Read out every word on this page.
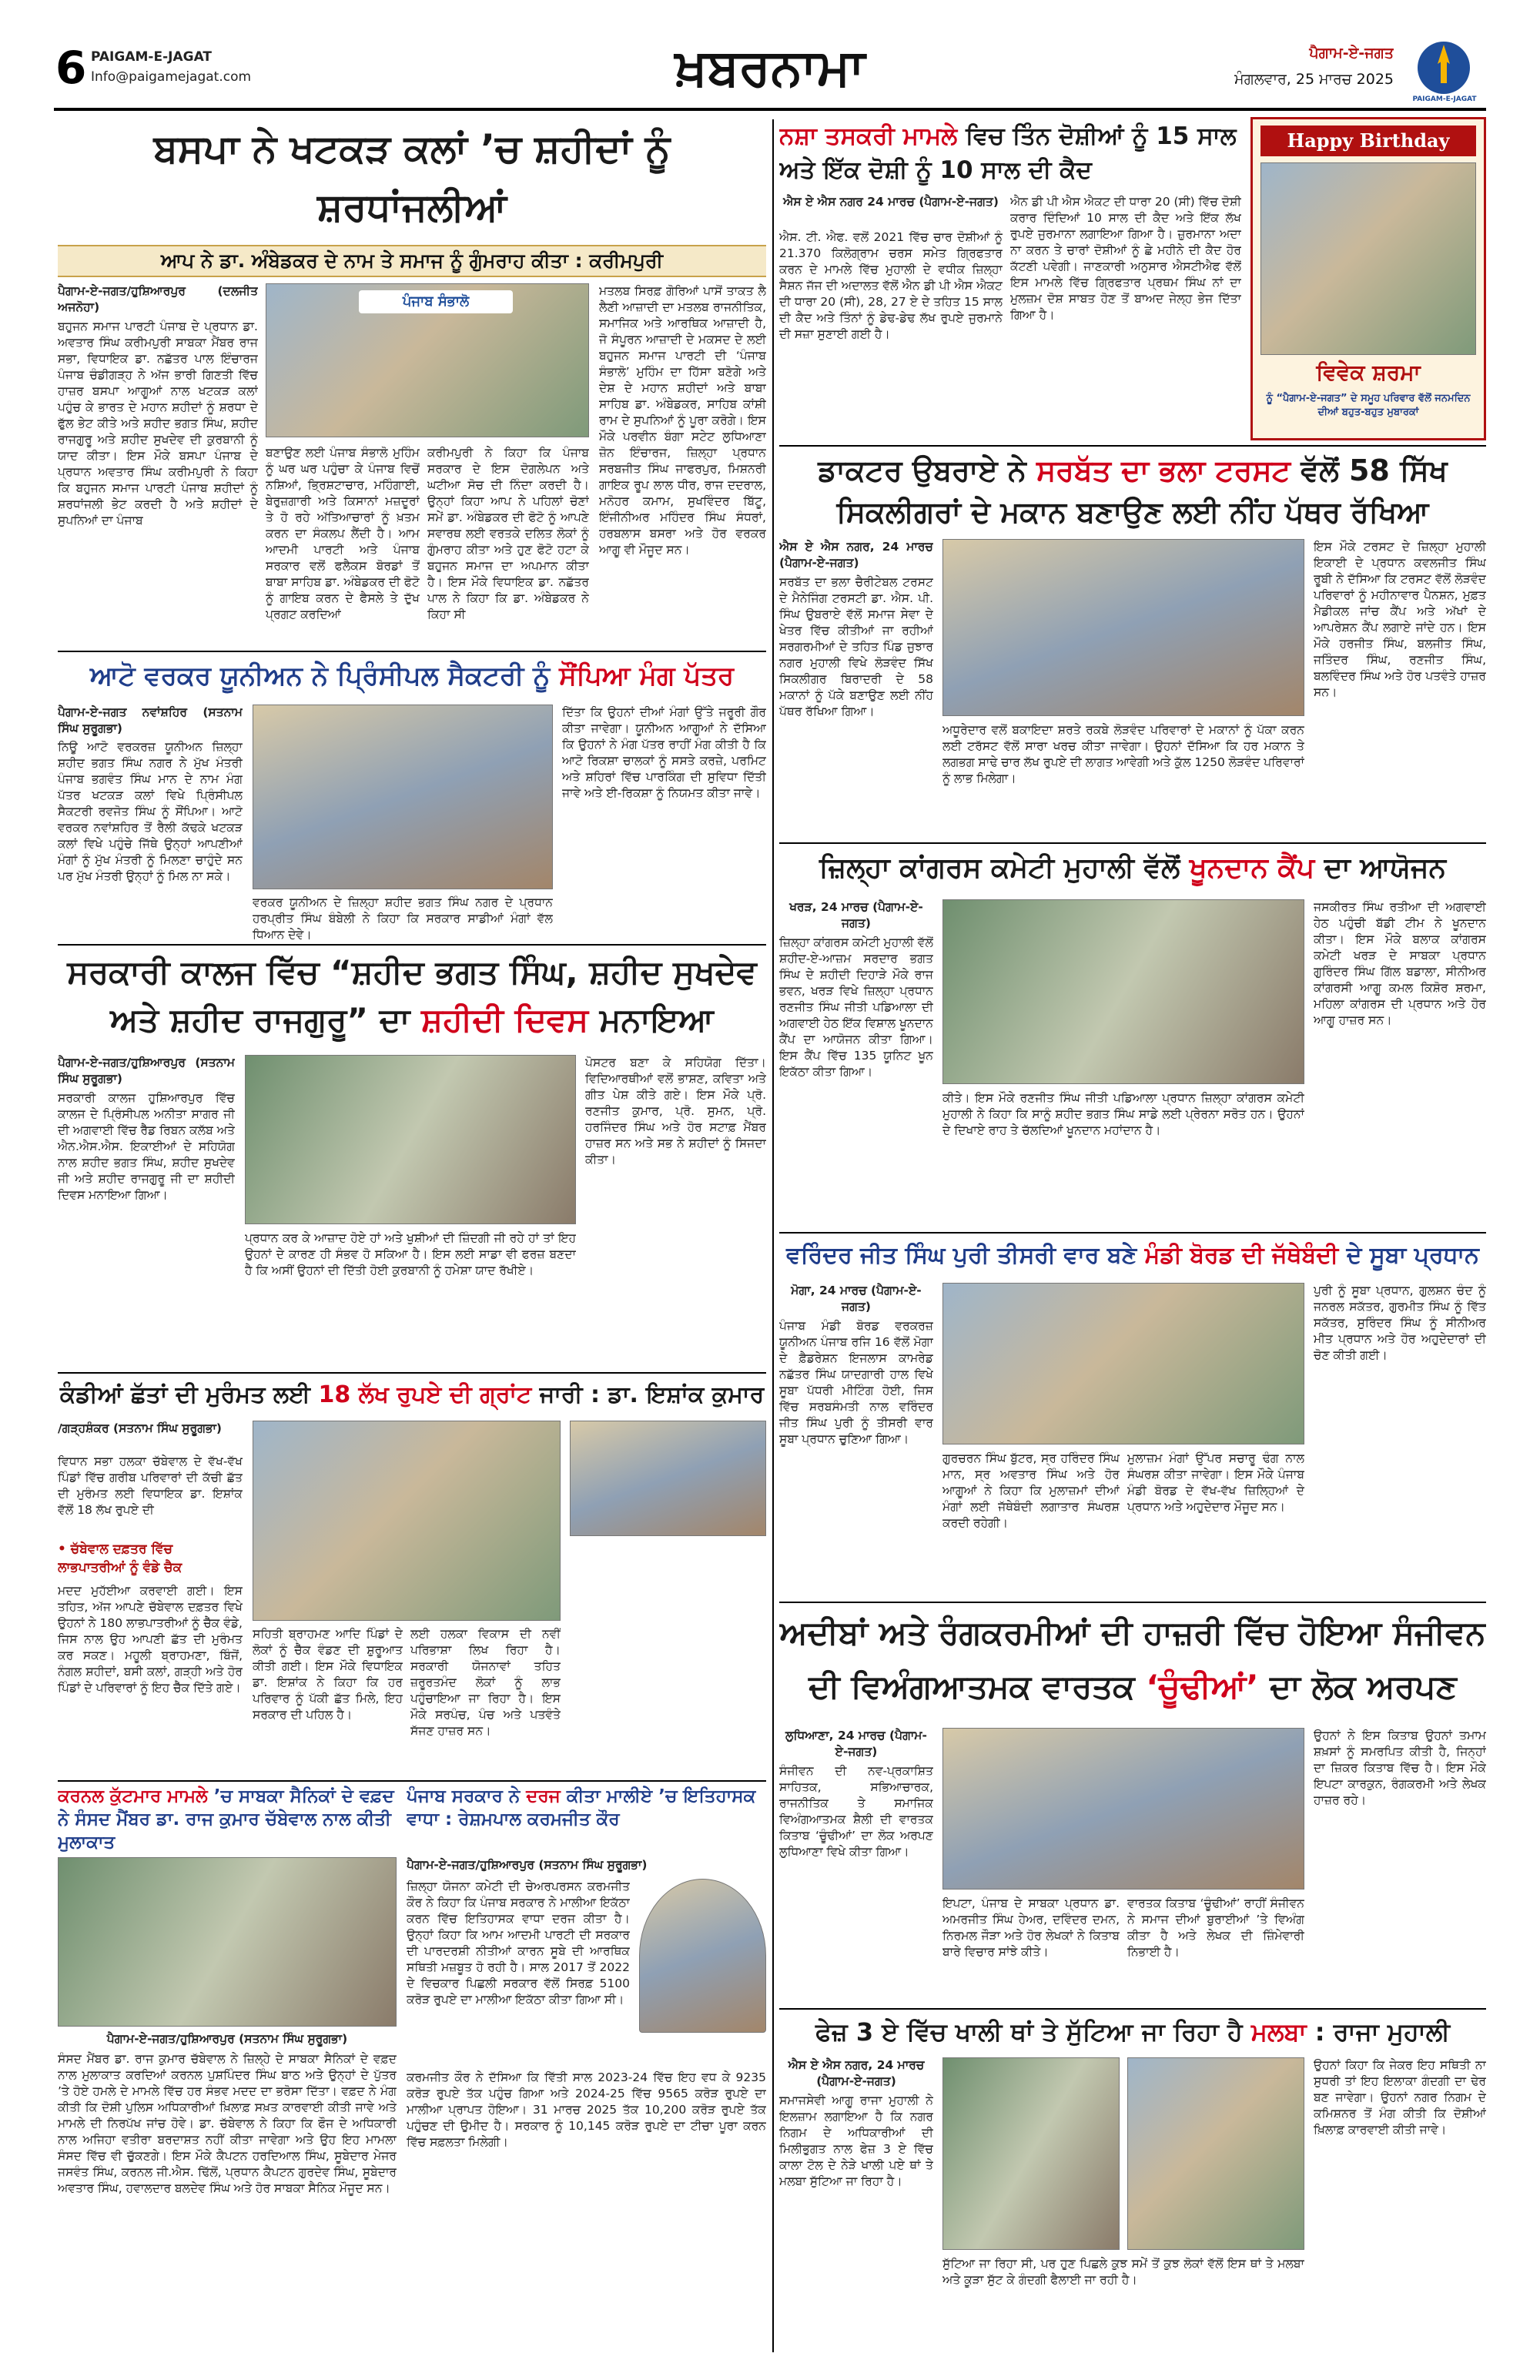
6 PAIGAM-E-JAGAT
Info@paigamejagat.com	ਖ਼ਬਰਨਾਮਾ	ਪੈਗਾਮ-ਏ-ਜਗਤ
ਮੰਗਲਵਾਰ, 25 ਮਾਰਚ 2025
PAIGAM-E-JAGAT
ਬਸਪਾ ਨੇ ਖਟਕੜ ਕਲਾਂ ’ਚ ਸ਼ਹੀਦਾਂ ਨੂੰ ਸ਼ਰਧਾਂਜਲੀਆਂ

ਆਪ ਨੇ ਡਾ. ਅੰਬੇਡਕਰ ਦੇ ਨਾਮ ਤੇ ਸਮਾਜ ਨੂੰ ਗੁੰਮਰਾਹ ਕੀਤਾ : ਕਰੀਮਪੁਰੀ
ਪੈਗਾਮ-ਏ-ਜਗਤ/ਹੁਸ਼ਿਆਰਪੁਰ (ਦਲਜੀਤ ਅਜਨੋਹਾ)
ਬਹੁਜਨ ਸਮਾਜ ਪਾਰਟੀ ਪੰਜਾਬ ਦੇ ਪ੍ਰਧਾਨ ਡਾ. ਅਵਤਾਰ ਸਿੰਘ ਕਰੀਮਪੁਰੀ ਸਾਬਕਾ ਮੈਂਬਰ ਰਾਜ ਸਭਾ, ਵਿਧਾਇਕ ਡਾ. ਨਛੱਤਰ ਪਾਲ ਇੰਚਾਰਜ ਪੰਜਾਬ ਚੰਡੀਗੜ੍ਹ ਨੇ ਅੱਜ ਭਾਰੀ ਗਿਣਤੀ ਵਿੱਚ ਹਾਜ਼ਰ ਬਸਪਾ ਆਗੂਆਂ ਨਾਲ ਖਟਕੜ ਕਲਾਂ ਪਹੁੰਚ ਕੇ ਭਾਰਤ ਦੇ ਮਹਾਨ ਸ਼ਹੀਦਾਂ ਨੂੰ ਸ਼ਰਧਾ ਦੇ ਫੁੱਲ ਭੇਟ ਕੀਤੇ ਅਤੇ ਸ਼ਹੀਦ ਭਗਤ ਸਿੰਘ, ਸ਼ਹੀਦ ਰਾਜਗੁਰੂ ਅਤੇ ਸ਼ਹੀਦ ਸੁਖਦੇਵ ਦੀ ਕੁਰਬਾਨੀ ਨੂੰ ਯਾਦ ਕੀਤਾ। ਇਸ ਮੌਕੇ ਬਸਪਾ ਪੰਜਾਬ ਦੇ ਪ੍ਰਧਾਨ ਅਵਤਾਰ ਸਿੰਘ ਕਰੀਮਪੁਰੀ ਨੇ ਕਿਹਾ ਕਿ ਬਹੁਜਨ ਸਮਾਜ ਪਾਰਟੀ ਪੰਜਾਬ ਸ਼ਹੀਦਾਂ ਨੂੰ ਸ਼ਰਧਾਂਜਲੀ ਭੇਟ ਕਰਦੀ ਹੈ ਅਤੇ ਸ਼ਹੀਦਾਂ ਦੇ ਸੁਪਨਿਆਂ ਦਾ ਪੰਜਾਬ
ਪੰਜਾਬ ਸੰਭਾਲੋ
ਬਣਾਉਣ ਲਈ ਪੰਜਾਬ ਸੰਭਾਲੋ ਮੁਹਿੰਮ ਨੂੰ ਘਰ ਘਰ ਪਹੁੰਚਾ ਕੇ ਪੰਜਾਬ ਵਿਚੋਂ ਨਸ਼ਿਆਂ, ਭ੍ਰਿਸ਼ਟਾਚਾਰ, ਮਹਿੰਗਾਈ, ਬੇਰੁਜ਼ਗਾਰੀ ਅਤੇ ਕਿਸਾਨਾਂ ਮਜ਼ਦੂਰਾਂ ਤੇ ਹੋ ਰਹੇ ਅੱਤਿਆਚਾਰਾਂ ਨੂੰ ਖ਼ਤਮ ਕਰਨ ਦਾ ਸੰਕਲਪ ਲੈਂਦੀ ਹੈ। ਆਮ ਆਦਮੀ ਪਾਰਟੀ ਅਤੇ ਪੰਜਾਬ ਸਰਕਾਰ ਵਲੋਂ ਫਲੈਕਸ ਬੋਰਡਾਂ ਤੋਂ ਬਾਬਾ ਸਾਹਿਬ ਡਾ. ਅੰਬੇਡਕਰ ਦੀ ਫੋਟੋ ਨੂੰ ਗਾਇਬ ਕਰਨ ਦੇ ਫੈਸਲੇ ਤੇ ਦੁੱਖ ਪ੍ਰਗਟ ਕਰਦਿਆਂ
ਕਰੀਮਪੁਰੀ ਨੇ ਕਿਹਾ ਕਿ ਪੰਜਾਬ ਸਰਕਾਰ ਦੇ ਇਸ ਦੋਗਲੇਪਨ ਅਤੇ ਘਟੀਆ ਸੋਚ ਦੀ ਨਿੰਦਾ ਕਰਦੀ ਹੈ। ਉਨ੍ਹਾਂ ਕਿਹਾ ਆਪ ਨੇ ਪਹਿਲਾਂ ਚੋਣਾਂ ਸਮੇਂ ਡਾ. ਅੰਬੇਡਕਰ ਦੀ ਫੋਟੋ ਨੂੰ ਆਪਣੇ ਸਵਾਰਥ ਲਈ ਵਰਤਕੇ ਦਲਿਤ ਲੋਕਾਂ ਨੂੰ ਗੁੰਮਰਾਹ ਕੀਤਾ ਅਤੇ ਹੁਣ ਫੋਟੋ ਹਟਾ ਕੇ ਬਹੁਜਨ ਸਮਾਜ ਦਾ ਅਪਮਾਨ ਕੀਤਾ ਹੈ। ਇਸ ਮੌਕੇ ਵਿਧਾਇਕ ਡਾ. ਨਛੱਤਰ ਪਾਲ ਨੇ ਕਿਹਾ ਕਿ ਡਾ. ਅੰਬੇਡਕਰ ਨੇ ਕਿਹਾ ਸੀ
ਮਤਲਬ ਸਿਰਫ਼ ਗੋਰਿਆਂ ਪਾਸੋਂ ਤਾਕਤ ਲੈ ਲੈਣੀ ਆਜ਼ਾਦੀ ਦਾ ਮਤਲਬ ਰਾਜਨੀਤਿਕ, ਸਮਾਜਿਕ ਅਤੇ ਆਰਥਿਕ ਆਜ਼ਾਦੀ ਹੈ, ਜੋ ਸੰਪੂਰਨ ਆਜ਼ਾਦੀ ਦੇ ਮਕਸਦ ਦੇ ਲਈ ਬਹੁਜਨ ਸਮਾਜ ਪਾਰਟੀ ਦੀ ‘ਪੰਜਾਬ ਸੰਭਾਲੋ’ ਮੁਹਿੰਮ ਦਾ ਹਿੱਸਾ ਬਣੋਗੇ ਅਤੇ ਦੇਸ਼ ਦੇ ਮਹਾਨ ਸ਼ਹੀਦਾਂ ਅਤੇ ਬਾਬਾ ਸਾਹਿਬ ਡਾ. ਅੰਬੇਡਕਰ, ਸਾਹਿਬ ਕਾਂਸ਼ੀ ਰਾਮ ਦੇ ਸੁਪਨਿਆਂ ਨੂੰ ਪੂਰਾ ਕਰੋਗੇ। ਇਸ ਮੌਕੇ ਪਰਵੀਨ ਬੰਗਾ ਸਟੇਟ ਲੁਧਿਆਣਾ ਜ਼ੋਨ ਇੰਚਾਰਜ, ਜ਼ਿਲ੍ਹਾ ਪ੍ਰਧਾਨ ਸਰਬਜੀਤ ਸਿੰਘ ਜਾਫਰਪੁਰ, ਮਿਸ਼ਨਰੀ ਗਾਇਕ ਰੂਪ ਲਾਲ ਧੀਰ, ਰਾਜ ਦਦਰਾਲ, ਮਨੋਹਰ ਕਮਾਮ, ਸੁਖਵਿੰਦਰ ਬਿੱਟੂ, ਇੰਜੀਨੀਅਰ ਮਹਿੰਦਰ ਸਿੰਘ ਸੰਧਰਾਂ, ਹਰਬਲਾਸ ਬਸਰਾ ਅਤੇ ਹੋਰ ਵਰਕਰ ਆਗੂ ਵੀ ਮੌਜੂਦ ਸਨ।
ਆਟੋ ਵਰਕਰ ਯੂਨੀਅਨ ਨੇ ਪ੍ਰਿੰਸੀਪਲ ਸੈਕਟਰੀ ਨੂੰ ਸੌਂਪਿਆ ਮੰਗ ਪੱਤਰ
ਪੈਗਾਮ-ਏ-ਜਗਤ ਨਵਾਂਸ਼ਹਿਰ (ਸਤਨਾਮ ਸਿੰਘ ਸੁਰੂਗਭਾ)
ਨਿਊ ਆਟੋ ਵਰਕਰਜ਼ ਯੂਨੀਅਨ ਜ਼ਿਲ੍ਹਾ ਸ਼ਹੀਦ ਭਗਤ ਸਿੰਘ ਨਗਰ ਨੇ ਮੁੱਖ ਮੰਤਰੀ ਪੰਜਾਬ ਭਗਵੰਤ ਸਿੰਘ ਮਾਨ ਦੇ ਨਾਮ ਮੰਗ ਪੱਤਰ ਖਟਕੜ ਕਲਾਂ ਵਿਖੇ ਪ੍ਰਿੰਸੀਪਲ ਸੈਕਟਰੀ ਰਵਜੋਤ ਸਿੰਘ ਨੂੰ ਸੌਂਪਿਆ। ਆਟੋ ਵਰਕਰ ਨਵਾਂਸ਼ਹਿਰ ਤੋਂ ਰੈਲੀ ਕੱਢਕੇ ਖਟਕੜ ਕਲਾਂ ਵਿਖੇ ਪਹੁੰਚੇ ਜਿੱਥੇ ਉਨ੍ਹਾਂ ਆਪਣੀਆਂ ਮੰਗਾਂ ਨੂੰ ਮੁੱਖ ਮੰਤਰੀ ਨੂੰ ਮਿਲਣਾ ਚਾਹੁੰਦੇ ਸਨ ਪਰ ਮੁੱਖ ਮੰਤਰੀ ਉਨ੍ਹਾਂ ਨੂੰ ਮਿਲ ਨਾ ਸਕੇ।
ਵਰਕਰ ਯੂਨੀਅਨ ਦੇ ਜ਼ਿਲ੍ਹਾ ਸ਼ਹੀਦ ਭਗਤ ਸਿੰਘ ਨਗਰ ਦੇ ਪ੍ਰਧਾਨ ਹਰਪ੍ਰੀਤ ਸਿੰਘ ਬੰਬੇਲੀ ਨੇ ਕਿਹਾ ਕਿ ਸਰਕਾਰ ਸਾਡੀਆਂ ਮੰਗਾਂ ਵੱਲ ਧਿਆਨ ਦੇਵੇ।
ਦਿੱਤਾ ਕਿ ਉਹਨਾਂ ਦੀਆਂ ਮੰਗਾਂ ਉੱਤੇ ਜਰੂਰੀ ਗੌਰ ਕੀਤਾ ਜਾਵੇਗਾ। ਯੂਨੀਅਨ ਆਗੂਆਂ ਨੇ ਦੱਸਿਆ ਕਿ ਉਹਨਾਂ ਨੇ ਮੰਗ ਪੱਤਰ ਰਾਹੀਂ ਮੰਗ ਕੀਤੀ ਹੈ ਕਿ ਆਟੋ ਰਿਕਸ਼ਾ ਚਾਲਕਾਂ ਨੂੰ ਸਸਤੇ ਕਰਜ਼ੇ, ਪਰਮਿਟ ਅਤੇ ਸ਼ਹਿਰਾਂ ਵਿੱਚ ਪਾਰਕਿੰਗ ਦੀ ਸੁਵਿਧਾ ਦਿੱਤੀ ਜਾਵੇ ਅਤੇ ਈ-ਰਿਕਸ਼ਾ ਨੂੰ ਨਿਯਮਤ ਕੀਤਾ ਜਾਵੇ।
ਸਰਕਾਰੀ ਕਾਲਜ ਵਿੱਚ “ਸ਼ਹੀਦ ਭਗਤ ਸਿੰਘ, ਸ਼ਹੀਦ ਸੁਖਦੇਵ ਅਤੇ ਸ਼ਹੀਦ ਰਾਜਗੁਰੂ” ਦਾ ਸ਼ਹੀਦੀ ਦਿਵਸ ਮਨਾਇਆ
ਪੈਗਾਮ-ਏ-ਜਗਤ/ਹੁਸ਼ਿਆਰਪੁਰ (ਸਤਨਾਮ ਸਿੰਘ ਸੁਰੂਗਭਾ)
ਸਰਕਾਰੀ ਕਾਲਜ ਹੁਸ਼ਿਆਰਪੁਰ ਵਿੱਚ ਕਾਲਜ ਦੇ ਪ੍ਰਿੰਸੀਪਲ ਅਨੀਤਾ ਸਾਗਰ ਜੀ ਦੀ ਅਗਵਾਈ ਵਿੱਚ ਰੈੱਡ ਰਿਬਨ ਕਲੱਬ ਅਤੇ ਐਨ.ਐਸ.ਐਸ. ਇਕਾਈਆਂ ਦੇ ਸਹਿਯੋਗ ਨਾਲ ਸ਼ਹੀਦ ਭਗਤ ਸਿੰਘ, ਸ਼ਹੀਦ ਸੁਖਦੇਵ ਜੀ ਅਤੇ ਸ਼ਹੀਦ ਰਾਜਗੁਰੂ ਜੀ ਦਾ ਸ਼ਹੀਦੀ ਦਿਵਸ ਮਨਾਇਆ ਗਿਆ।
ਪ੍ਰਧਾਨ ਕਰ ਕੇ ਆਜ਼ਾਦ ਹੋਏ ਹਾਂ ਅਤੇ ਖੁਸ਼ੀਆਂ ਦੀ ਜ਼ਿੰਦਗੀ ਜੀ ਰਹੇ ਹਾਂ ਤਾਂ ਇਹ ਉਹਨਾਂ ਦੇ ਕਾਰਣ ਹੀ ਸੰਭਵ ਹੋ ਸਕਿਆ ਹੈ। ਇਸ ਲਈ ਸਾਡਾ ਵੀ ਫਰਜ਼ ਬਣਦਾ ਹੈ ਕਿ ਅਸੀਂ ਉਹਨਾਂ ਦੀ ਦਿੱਤੀ ਹੋਈ ਕੁਰਬਾਨੀ ਨੂੰ ਹਮੇਸ਼ਾ ਯਾਦ ਰੱਖੀਏ।
ਪੋਸਟਰ ਬਣਾ ਕੇ ਸਹਿਯੋਗ ਦਿੱਤਾ। ਵਿਦਿਆਰਥੀਆਂ ਵਲੋਂ ਭਾਸ਼ਣ, ਕਵਿਤਾ ਅਤੇ ਗੀਤ ਪੇਸ਼ ਕੀਤੇ ਗਏ। ਇਸ ਮੌਕੇ ਪ੍ਰੋ. ਰਣਜੀਤ ਕੁਮਾਰ, ਪ੍ਰੋ. ਸੁਮਨ, ਪ੍ਰੋ. ਹਰਜਿੰਦਰ ਸਿੰਘ ਅਤੇ ਹੋਰ ਸਟਾਫ਼ ਮੈਂਬਰ ਹਾਜ਼ਰ ਸਨ ਅਤੇ ਸਭ ਨੇ ਸ਼ਹੀਦਾਂ ਨੂੰ ਸਿਜਦਾ ਕੀਤਾ।
ਕੰਡੀਆਂ ਛੱਤਾਂ ਦੀ ਮੁਰੰਮਤ ਲਈ 18 ਲੱਖ ਰੁਪਏ ਦੀ ਗ੍ਰਾਂਟ ਜਾਰੀ : ਡਾ. ਇਸ਼ਾਂਕ ਕੁਮਾਰ
/ਗੜ੍ਹਸ਼ੰਕਰ (ਸਤਨਾਮ ਸਿੰਘ ਸੁਰੂਗਭਾ)
ਵਿਧਾਨ ਸਭਾ ਹਲਕਾ ਚੱਬੇਵਾਲ ਦੇ ਵੱਖ-ਵੱਖ ਪਿੰਡਾਂ ਵਿੱਚ ਗਰੀਬ ਪਰਿਵਾਰਾਂ ਦੀ ਕੱਚੀ ਛੱਤ ਦੀ ਮੁਰੰਮਤ ਲਈ ਵਿਧਾਇਕ ਡਾ. ਇਸ਼ਾਂਕ ਵੱਲੋਂ 18 ਲੱਖ ਰੁਪਏ ਦੀ
• ਚੱਬੇਵਾਲ ਦਫ਼ਤਰ ਵਿੱਚ ਲਾਭਪਾਤਰੀਆਂ ਨੂੰ ਵੰਡੇ ਚੈਕ
ਮਦਦ ਮੁਹੱਈਆ ਕਰਵਾਈ ਗਈ। ਇਸ ਤਹਿਤ, ਅੱਜ ਆਪਣੇ ਚੱਬੇਵਾਲ ਦਫ਼ਤਰ ਵਿਖੇ ਉਹਨਾਂ ਨੇ 180 ਲਾਭਪਾਤਰੀਆਂ ਨੂੰ ਚੈੱਕ ਵੰਡੇ, ਜਿਸ ਨਾਲ ਉਹ ਆਪਣੀ ਛੱਤ ਦੀ ਮੁਰੰਮਤ ਕਰ ਸਕਣ। ਮਹੂਲੀ ਬ੍ਰਾਹਮਣਾ, ਬਿੰਜੋਂ, ਨੰਗਲ ਸ਼ਹੀਦਾਂ, ਬਸੀ ਕਲਾਂ, ਗੜ੍ਹੀ ਅਤੇ ਹੋਰ ਪਿੰਡਾਂ ਦੇ ਪਰਿਵਾਰਾਂ ਨੂੰ ਇਹ ਚੈੱਕ ਦਿੱਤੇ ਗਏ।
ਸਹਿਤੀ ਬ੍ਰਾਹਮਣ ਆਦਿ ਪਿੰਡਾਂ ਦੇ ਲੋਕਾਂ ਨੂੰ ਚੈੱਕ ਵੰਡਣ ਦੀ ਸ਼ੁਰੂਆਤ ਕੀਤੀ ਗਈ। ਇਸ ਮੌਕੇ ਵਿਧਾਇਕ ਡਾ. ਇਸ਼ਾਂਕ ਨੇ ਕਿਹਾ ਕਿ ਹਰ ਪਰਿਵਾਰ ਨੂੰ ਪੱਕੀ ਛੱਤ ਮਿਲੇ, ਇਹ ਸਰਕਾਰ ਦੀ ਪਹਿਲ ਹੈ।
ਲਈ ਹਲਕਾ ਵਿਕਾਸ ਦੀ ਨਵੀਂ ਪਰਿਭਾਸ਼ਾ ਲਿਖ ਰਿਹਾ ਹੈ। ਸਰਕਾਰੀ ਯੋਜਨਾਵਾਂ ਤਹਿਤ ਜ਼ਰੂਰਤਮੰਦ ਲੋਕਾਂ ਨੂੰ ਲਾਭ ਪਹੁੰਚਾਇਆ ਜਾ ਰਿਹਾ ਹੈ। ਇਸ ਮੌਕੇ ਸਰਪੰਚ, ਪੰਚ ਅਤੇ ਪਤਵੰਤੇ ਸੱਜਣ ਹਾਜ਼ਰ ਸਨ।
ਕਰਨਲ ਕੁੱਟਮਾਰ ਮਾਮਲੇ ’ਚ ਸਾਬਕਾ ਸੈਨਿਕਾਂ ਦੇ ਵਫ਼ਦ ਨੇ ਸੰਸਦ ਮੈਂਬਰ ਡਾ. ਰਾਜ ਕੁਮਾਰ ਚੱਬੇਵਾਲ ਨਾਲ ਕੀਤੀ ਮੁਲਾਕਾਤ
ਪੈਗਾਮ-ਏ-ਜਗਤ/ਹੁਸ਼ਿਆਰਪੁਰ (ਸਤਨਾਮ ਸਿੰਘ ਸੁਰੂਗਭਾ)
ਸੰਸਦ ਮੈਂਬਰ ਡਾ. ਰਾਜ ਕੁਮਾਰ ਚੱਬੇਵਾਲ ਨੇ ਜ਼ਿਲ੍ਹੇ ਦੇ ਸਾਬਕਾ ਸੈਨਿਕਾਂ ਦੇ ਵਫ਼ਦ ਨਾਲ ਮੁਲਾਕਾਤ ਕਰਦਿਆਂ ਕਰਨਲ ਪੁਸ਼ਪਿੰਦਰ ਸਿੰਘ ਬਾਠ ਅਤੇ ਉਨ੍ਹਾਂ ਦੇ ਪੁੱਤਰ ’ਤੇ ਹੋਏ ਹਮਲੇ ਦੇ ਮਾਮਲੇ ਵਿੱਚ ਹਰ ਸੰਭਵ ਮਦਦ ਦਾ ਭਰੋਸਾ ਦਿੱਤਾ। ਵਫ਼ਦ ਨੇ ਮੰਗ ਕੀਤੀ ਕਿ ਦੋਸ਼ੀ ਪੁਲਿਸ ਅਧਿਕਾਰੀਆਂ ਖ਼ਿਲਾਫ਼ ਸਖ਼ਤ ਕਾਰਵਾਈ ਕੀਤੀ ਜਾਵੇ ਅਤੇ ਮਾਮਲੇ ਦੀ ਨਿਰਪੱਖ ਜਾਂਚ ਹੋਵੇ। ਡਾ. ਚੱਬੇਵਾਲ ਨੇ ਕਿਹਾ ਕਿ ਫੌਜ ਦੇ ਅਧਿਕਾਰੀ ਨਾਲ ਅਜਿਹਾ ਵਤੀਰਾ ਬਰਦਾਸ਼ਤ ਨਹੀਂ ਕੀਤਾ ਜਾਵੇਗਾ ਅਤੇ ਉਹ ਇਹ ਮਾਮਲਾ ਸੰਸਦ ਵਿੱਚ ਵੀ ਚੁੱਕਣਗੇ। ਇਸ ਮੌਕੇ ਕੈਪਟਨ ਹਰਦਿਆਲ ਸਿੰਘ, ਸੂਬੇਦਾਰ ਮੇਜਰ ਜਸਵੰਤ ਸਿੰਘ, ਕਰਨਲ ਜੀ.ਐਸ. ਢਿੱਲੋਂ, ਪ੍ਰਧਾਨ ਕੈਪਟਨ ਗੁਰਦੇਵ ਸਿੰਘ, ਸੂਬੇਦਾਰ ਅਵਤਾਰ ਸਿੰਘ, ਹਵਾਲਦਾਰ ਬਲਦੇਵ ਸਿੰਘ ਅਤੇ ਹੋਰ ਸਾਬਕਾ ਸੈਨਿਕ ਮੌਜੂਦ ਸਨ।
ਪੰਜਾਬ ਸਰਕਾਰ ਨੇ ਦਰਜ ਕੀਤਾ ਮਾਲੀਏ ’ਚ ਇਤਿਹਾਸਕ ਵਾਧਾ : ਰੇਸ਼ਮਪਾਲ ਕਰਮਜੀਤ ਕੌਰ
ਪੈਗਾਮ-ਏ-ਜਗਤ/ਹੁਸ਼ਿਆਰਪੁਰ (ਸਤਨਾਮ ਸਿੰਘ ਸੁਰੂਗਭਾ)
ਜ਼ਿਲ੍ਹਾ ਯੋਜਨਾ ਕਮੇਟੀ ਦੀ ਚੇਅਰਪਰਸਨ ਕਰਮਜੀਤ ਕੌਰ ਨੇ ਕਿਹਾ ਕਿ ਪੰਜਾਬ ਸਰਕਾਰ ਨੇ ਮਾਲੀਆ ਇਕੱਠਾ ਕਰਨ ਵਿੱਚ ਇਤਿਹਾਸਕ ਵਾਧਾ ਦਰਜ ਕੀਤਾ ਹੈ। ਉਨ੍ਹਾਂ ਕਿਹਾ ਕਿ ਆਮ ਆਦਮੀ ਪਾਰਟੀ ਦੀ ਸਰਕਾਰ ਦੀ ਪਾਰਦਰਸ਼ੀ ਨੀਤੀਆਂ ਕਾਰਨ ਸੂਬੇ ਦੀ ਆਰਥਿਕ ਸਥਿਤੀ ਮਜ਼ਬੂਤ ਹੋ ਰਹੀ ਹੈ। ਸਾਲ 2017 ਤੋਂ 2022 ਦੇ ਵਿਚਕਾਰ ਪਿਛਲੀ ਸਰਕਾਰ ਵੱਲੋਂ ਸਿਰਫ਼ 5100 ਕਰੋੜ ਰੁਪਏ ਦਾ ਮਾਲੀਆ ਇਕੱਠਾ ਕੀਤਾ ਗਿਆ ਸੀ।
ਕਰਮਜੀਤ ਕੌਰ ਨੇ ਦੱਸਿਆ ਕਿ ਵਿੱਤੀ ਸਾਲ 2023-24 ਵਿੱਚ ਇਹ ਵਧ ਕੇ 9235 ਕਰੋੜ ਰੁਪਏ ਤੱਕ ਪਹੁੰਚ ਗਿਆ ਅਤੇ 2024-25 ਵਿੱਚ 9565 ਕਰੋੜ ਰੁਪਏ ਦਾ ਮਾਲੀਆ ਪ੍ਰਾਪਤ ਹੋਇਆ। 31 ਮਾਰਚ 2025 ਤੱਕ 10,200 ਕਰੋੜ ਰੁਪਏ ਤੱਕ ਪਹੁੰਚਣ ਦੀ ਉਮੀਦ ਹੈ। ਸਰਕਾਰ ਨੂੰ 10,145 ਕਰੋੜ ਰੁਪਏ ਦਾ ਟੀਚਾ ਪੂਰਾ ਕਰਨ ਵਿੱਚ ਸਫ਼ਲਤਾ ਮਿਲੇਗੀ।
ਨਸ਼ਾ ਤਸਕਰੀ ਮਾਮਲੇ ਵਿਚ ਤਿੰਨ ਦੋਸ਼ੀਆਂ ਨੂੰ 15 ਸਾਲ ਅਤੇ ਇੱਕ ਦੋਸ਼ੀ ਨੂੰ 10 ਸਾਲ ਦੀ ਕੈਦ
ਐਸ ਏ ਐਸ ਨਗਰ 24 ਮਾਰਚ (ਪੈਗਾਮ-ਏ-ਜਗਤ)
ਐਸ. ਟੀ. ਐਫ. ਵਲੋਂ 2021 ਵਿੱਚ ਚਾਰ ਦੋਸ਼ੀਆਂ ਨੂੰ 21.370 ਕਿਲੋਗ੍ਰਾਮ ਚਰਸ ਸਮੇਤ ਗ੍ਰਿਫਤਾਰ ਕਰਨ ਦੇ ਮਾਮਲੇ ਵਿੱਚ ਮੁਹਾਲੀ ਦੇ ਵਧੀਕ ਜ਼ਿਲ੍ਹਾ ਸੈਸ਼ਨ ਜੱਜ ਦੀ ਅਦਾਲਤ ਵੱਲੋਂ ਐਨ ਡੀ ਪੀ ਐਸ ਐਕਟ ਦੀ ਧਾਰਾ 20 (ਸੀ), 28, 27 ਏ ਦੇ ਤਹਿਤ 15 ਸਾਲ ਦੀ ਕੈਦ ਅਤੇ ਤਿੰਨਾਂ ਨੂੰ ਡੇਢ-ਡੇਢ ਲੱਖ ਰੁਪਏ ਜੁਰਮਾਨੇ ਦੀ ਸਜ਼ਾ ਸੁਣਾਈ ਗਈ ਹੈ।
ਐਨ ਡੀ ਪੀ ਐਸ ਐਕਟ ਦੀ ਧਾਰਾ 20 (ਸੀ) ਵਿੱਚ ਦੋਸ਼ੀ ਕਰਾਰ ਦਿੰਦਿਆਂ 10 ਸਾਲ ਦੀ ਕੈਦ ਅਤੇ ਇੱਕ ਲੱਖ ਰੁਪਏ ਜੁਰਮਾਨਾ ਲਗਾਇਆ ਗਿਆ ਹੈ। ਜ਼ੁਰਮਾਨਾ ਅਦਾ ਨਾ ਕਰਨ ਤੇ ਚਾਰਾਂ ਦੋਸ਼ੀਆਂ ਨੂੰ ਛੇ ਮਹੀਨੇ ਦੀ ਕੈਦ ਹੋਰ ਕੱਟਣੀ ਪਵੇਗੀ। ਜਾਣਕਾਰੀ ਅਨੁਸਾਰ ਐਸਟੀਐਫ ਵੱਲੋਂ ਇਸ ਮਾਮਲੇ ਵਿੱਚ ਗ੍ਰਿਫਤਾਰ ਪ੍ਰਥਮ ਸਿੰਘ ਨਾਂ ਦਾ ਮੁਲਜ਼ਮ ਦੋਸ਼ ਸਾਬਤ ਹੋਣ ਤੋਂ ਬਾਅਦ ਜੇਲ੍ਹ ਭੇਜ ਦਿੱਤਾ ਗਿਆ ਹੈ।
Happy Birthday
ਵਿਵੇਕ ਸ਼ਰਮਾ
ਨੂੰ “ਪੈਗਾਮ-ਏ-ਜਗਤ” ਦੇ ਸਮੂਹ ਪਰਿਵਾਰ ਵੱਲੋਂ ਜਨਮਦਿਨ ਦੀਆਂ ਬਹੁਤ-ਬਹੁਤ ਮੁਬਾਰਕਾਂ
ਡਾਕਟਰ ਉਬਰਾਏ ਨੇ ਸਰਬੱਤ ਦਾ ਭਲਾ ਟਰਸਟ ਵੱਲੋਂ 58 ਸਿੱਖ ਸਿਕਲੀਗਰਾਂ ਦੇ ਮਕਾਨ ਬਣਾਉਣ ਲਈ ਨੀਂਹ ਪੱਥਰ ਰੱਖਿਆ
ਐਸ ਏ ਐਸ ਨਗਰ, 24 ਮਾਰਚ (ਪੈਗਾਮ-ਏ-ਜਗਤ)
ਸਰਬੱਤ ਦਾ ਭਲਾ ਚੈਰੀਟੇਬਲ ਟਰਸਟ ਦੇ ਮੈਨੇਜਿੰਗ ਟਰਸਟੀ ਡਾ. ਐਸ. ਪੀ. ਸਿੰਘ ਉਬਰਾਏ ਵੱਲੋਂ ਸਮਾਜ ਸੇਵਾ ਦੇ ਖੇਤਰ ਵਿੱਚ ਕੀਤੀਆਂ ਜਾ ਰਹੀਆਂ ਸਰਗਰਮੀਆਂ ਦੇ ਤਹਿਤ ਪਿੰਡ ਜੁਝਾਰ ਨਗਰ ਮੁਹਾਲੀ ਵਿਖੇ ਲੋੜਵੰਦ ਸਿੱਖ ਸਿਕਲੀਗਰ ਬਿਰਾਦਰੀ ਦੇ 58 ਮਕਾਨਾਂ ਨੂੰ ਪੱਕੇ ਬਣਾਉਣ ਲਈ ਨੀਂਹ ਪੱਥਰ ਰੱਖਿਆ ਗਿਆ।
ਅਧੂਰੇਦਾਰ ਵਲੋਂ ਬਕਾਇਦਾ ਸ਼ਰਤੇ ਰਕਬੇ ਲੋੜਵੰਦ ਪਰਿਵਾਰਾਂ ਦੇ ਮਕਾਨਾਂ ਨੂੰ ਪੱਕਾ ਕਰਨ ਲਈ ਟਰੱਸਟ ਵੱਲੋਂ ਸਾਰਾ ਖਰਚ ਕੀਤਾ ਜਾਵੇਗਾ। ਉਹਨਾਂ ਦੱਸਿਆ ਕਿ ਹਰ ਮਕਾਨ ਤੇ ਲਗਭਗ ਸਾਢੇ ਚਾਰ ਲੱਖ ਰੁਪਏ ਦੀ ਲਾਗਤ ਆਵੇਗੀ ਅਤੇ ਕੁੱਲ 1250 ਲੋੜਵੰਦ ਪਰਿਵਾਰਾਂ ਨੂੰ ਲਾਭ ਮਿਲੇਗਾ।
ਇਸ ਮੌਕੇ ਟਰਸਟ ਦੇ ਜ਼ਿਲ੍ਹਾ ਮੁਹਾਲੀ ਇਕਾਈ ਦੇ ਪ੍ਰਧਾਨ ਕਵਲਜੀਤ ਸਿੰਘ ਰੂਬੀ ਨੇ ਦੱਸਿਆ ਕਿ ਟਰਸਟ ਵੱਲੋਂ ਲੋੜਵੰਦ ਪਰਿਵਾਰਾਂ ਨੂੰ ਮਹੀਨਾਵਾਰ ਪੈਨਸ਼ਨ, ਮੁਫ਼ਤ ਮੈਡੀਕਲ ਜਾਂਚ ਕੈਂਪ ਅਤੇ ਅੱਖਾਂ ਦੇ ਆਪਰੇਸ਼ਨ ਕੈਂਪ ਲਗਾਏ ਜਾਂਦੇ ਹਨ। ਇਸ ਮੌਕੇ ਹਰਜੀਤ ਸਿੰਘ, ਬਲਜੀਤ ਸਿੰਘ, ਜਤਿੰਦਰ ਸਿੰਘ, ਰਣਜੀਤ ਸਿੰਘ, ਬਲਵਿੰਦਰ ਸਿੰਘ ਅਤੇ ਹੋਰ ਪਤਵੰਤੇ ਹਾਜ਼ਰ ਸਨ।
ਜ਼ਿਲ੍ਹਾ ਕਾਂਗਰਸ ਕਮੇਟੀ ਮੁਹਾਲੀ ਵੱਲੋਂ ਖੂਨਦਾਨ ਕੈਂਪ ਦਾ ਆਯੋਜਨ
ਖਰੜ, 24 ਮਾਰਚ (ਪੈਗਾਮ-ਏ-ਜਗਤ)
ਜ਼ਿਲ੍ਹਾ ਕਾਂਗਰਸ ਕਮੇਟੀ ਮੁਹਾਲੀ ਵੱਲੋਂ ਸ਼ਹੀਦ-ਏ-ਆਜ਼ਮ ਸਰਦਾਰ ਭਗਤ ਸਿੰਘ ਦੇ ਸ਼ਹੀਦੀ ਦਿਹਾੜੇ ਮੌਕੇ ਰਾਜ ਭਵਨ, ਖਰੜ ਵਿਖੇ ਜ਼ਿਲ੍ਹਾ ਪ੍ਰਧਾਨ ਰਣਜੀਤ ਸਿੰਘ ਜੀਤੀ ਪਡਿਆਲਾ ਦੀ ਅਗਵਾਈ ਹੇਠ ਇੱਕ ਵਿਸ਼ਾਲ ਖੂਨਦਾਨ ਕੈਂਪ ਦਾ ਆਯੋਜਨ ਕੀਤਾ ਗਿਆ। ਇਸ ਕੈਂਪ ਵਿੱਚ 135 ਯੂਨਿਟ ਖੂਨ ਇਕੱਠਾ ਕੀਤਾ ਗਿਆ।
ਕੀਤੇ। ਇਸ ਮੌਕੇ ਰਣਜੀਤ ਸਿੰਘ ਜੀਤੀ ਪਡਿਆਲਾ ਪ੍ਰਧਾਨ ਜ਼ਿਲ੍ਹਾ ਕਾਂਗਰਸ ਕਮੇਟੀ ਮੁਹਾਲੀ ਨੇ ਕਿਹਾ ਕਿ ਸਾਨੂੰ ਸ਼ਹੀਦ ਭਗਤ ਸਿੰਘ ਸਾਡੇ ਲਈ ਪ੍ਰੇਰਨਾ ਸਰੋਤ ਹਨ। ਉਹਨਾਂ ਦੇ ਦਿਖਾਏ ਰਾਹ ਤੇ ਚੱਲਦਿਆਂ ਖੂਨਦਾਨ ਮਹਾਂਦਾਨ ਹੈ।
ਜਸਕੀਰਤ ਸਿੰਘ ਰਤੀਆ ਦੀ ਅਗਵਾਈ ਹੇਠ ਪਹੁੰਚੀ ਬੱਡੀ ਟੀਮ ਨੇ ਖੂਨਦਾਨ ਕੀਤਾ। ਇਸ ਮੌਕੇ ਬਲਾਕ ਕਾਂਗਰਸ ਕਮੇਟੀ ਖਰੜ ਦੇ ਸਾਬਕਾ ਪ੍ਰਧਾਨ ਗੁਰਿੰਦਰ ਸਿੰਘ ਗਿੱਲ ਬਡਾਲਾ, ਸੀਨੀਅਰ ਕਾਂਗਰਸੀ ਆਗੂ ਕਮਲ ਕਿਸ਼ੋਰ ਸ਼ਰਮਾ, ਮਹਿਲਾ ਕਾਂਗਰਸ ਦੀ ਪ੍ਰਧਾਨ ਅਤੇ ਹੋਰ ਆਗੂ ਹਾਜ਼ਰ ਸਨ।
ਵਰਿੰਦਰ ਜੀਤ ਸਿੰਘ ਪੁਰੀ ਤੀਸਰੀ ਵਾਰ ਬਣੇ ਮੰਡੀ ਬੋਰਡ ਦੀ ਜੱਥੇਬੰਦੀ ਦੇ ਸੂਬਾ ਪ੍ਰਧਾਨ
ਮੋਗਾ, 24 ਮਾਰਚ (ਪੈਗਾਮ-ਏ-ਜਗਤ)
ਪੰਜਾਬ ਮੰਡੀ ਬੋਰਡ ਵਰਕਰਜ਼ ਯੂਨੀਅਨ ਪੰਜਾਬ ਰਜਿ 16 ਵੱਲੋਂ ਮੋਗਾ ਦੇ ਫ਼ੈਡਰੇਸ਼ਨ ਇਜਲਾਸ ਕਾਮਰੇਡ ਨਛੱਤਰ ਸਿੰਘ ਯਾਦਗਾਰੀ ਹਾਲ ਵਿਖੇ ਸੂਬਾ ਪੱਧਰੀ ਮੀਟਿੰਗ ਹੋਈ, ਜਿਸ ਵਿੱਚ ਸਰਬਸੰਮਤੀ ਨਾਲ ਵਰਿੰਦਰ ਜੀਤ ਸਿੰਘ ਪੁਰੀ ਨੂੰ ਤੀਸਰੀ ਵਾਰ ਸੂਬਾ ਪ੍ਰਧਾਨ ਚੁਣਿਆ ਗਿਆ।
ਗੁਰਚਰਨ ਸਿੰਘ ਬੁੱਟਰ, ਸ੍ਰ ਹਰਿੰਦਰ ਸਿੰਘ ਮਾਨ, ਸ੍ਰ ਅਵਤਾਰ ਸਿੰਘ ਅਤੇ ਹੋਰ ਆਗੂਆਂ ਨੇ ਕਿਹਾ ਕਿ ਮੁਲਾਜ਼ਮਾਂ ਦੀਆਂ ਮੰਗਾਂ ਲਈ ਜੱਥੇਬੰਦੀ ਲਗਾਤਾਰ ਸੰਘਰਸ਼ ਕਰਦੀ ਰਹੇਗੀ।
ਮੁਲਾਜ਼ਮ ਮੰਗਾਂ ਉੱਪਰ ਸਚਾਰੂ ਢੰਗ ਨਾਲ ਸੰਘਰਸ਼ ਕੀਤਾ ਜਾਵੇਗਾ। ਇਸ ਮੌਕੇ ਪੰਜਾਬ ਮੰਡੀ ਬੋਰਡ ਦੇ ਵੱਖ-ਵੱਖ ਜ਼ਿਲ੍ਹਿਆਂ ਦੇ ਪ੍ਰਧਾਨ ਅਤੇ ਅਹੁਦੇਦਾਰ ਮੌਜੂਦ ਸਨ।
ਪੁਰੀ ਨੂੰ ਸੂਬਾ ਪ੍ਰਧਾਨ, ਗੁਲਸ਼ਨ ਚੰਦ ਨੂੰ ਜਨਰਲ ਸਕੱਤਰ, ਗੁਰਮੀਤ ਸਿੰਘ ਨੂੰ ਵਿੱਤ ਸਕੱਤਰ, ਸੁਰਿੰਦਰ ਸਿੰਘ ਨੂੰ ਸੀਨੀਅਰ ਮੀਤ ਪ੍ਰਧਾਨ ਅਤੇ ਹੋਰ ਅਹੁਦੇਦਾਰਾਂ ਦੀ ਚੋਣ ਕੀਤੀ ਗਈ।
ਅਦੀਬਾਂ ਅਤੇ ਰੰਗਕਰਮੀਆਂ ਦੀ ਹਾਜ਼ਰੀ ਵਿੱਚ ਹੋਇਆ ਸੰਜੀਵਨ ਦੀ ਵਿਅੰਗਆਤਮਕ ਵਾਰਤਕ ‘ਚੂੰਢੀਆਂ’ ਦਾ ਲੋਕ ਅਰਪਣ
ਲੁਧਿਆਣਾ, 24 ਮਾਰਚ (ਪੈਗਾਮ-ਏ-ਜਗਤ)
ਸੰਜੀਵਨ ਦੀ ਨਵ-ਪ੍ਰਕਾਸ਼ਿਤ ਸਾਹਿਤਕ, ਸਭਿਆਚਾਰਕ, ਰਾਜਨੀਤਿਕ ਤੇ ਸਮਾਜਿਕ ਵਿਅੰਗਆਤਮਕ ਸ਼ੈਲੀ ਦੀ ਵਾਰਤਕ ਕਿਤਾਬ ‘ਚੂੰਢੀਆਂ’ ਦਾ ਲੋਕ ਅਰਪਣ ਲੁਧਿਆਣਾ ਵਿਖੇ ਕੀਤਾ ਗਿਆ।
ਇਪਟਾ, ਪੰਜਾਬ ਦੇ ਸਾਬਕਾ ਪ੍ਰਧਾਨ ਡਾ. ਅਮਰਜੀਤ ਸਿੰਘ ਹੇਅਰ, ਦਵਿੰਦਰ ਦਮਨ, ਨਿਰਮਲ ਜੌੜਾ ਅਤੇ ਹੋਰ ਲੇਖਕਾਂ ਨੇ ਕਿਤਾਬ ਬਾਰੇ ਵਿਚਾਰ ਸਾਂਝੇ ਕੀਤੇ।
ਵਾਰਤਕ ਕਿਤਾਬ ‘ਚੂੰਢੀਆਂ’ ਰਾਹੀਂ ਸੰਜੀਵਨ ਨੇ ਸਮਾਜ ਦੀਆਂ ਬੁਰਾਈਆਂ ’ਤੇ ਵਿਅੰਗ ਕੀਤਾ ਹੈ ਅਤੇ ਲੇਖਕ ਦੀ ਜ਼ਿੰਮੇਵਾਰੀ ਨਿਭਾਈ ਹੈ।
ਉਹਨਾਂ ਨੇ ਇਸ ਕਿਤਾਬ ਉਹਨਾਂ ਤਮਾਮ ਸ਼ਖ਼ਸਾਂ ਨੂੰ ਸਮਰਪਿਤ ਕੀਤੀ ਹੈ, ਜਿਨ੍ਹਾਂ ਦਾ ਜ਼ਿਕਰ ਕਿਤਾਬ ਵਿੱਚ ਹੈ। ਇਸ ਮੌਕੇ ਇਪਟਾ ਕਾਰਕੁਨ, ਰੰਗਕਰਮੀ ਅਤੇ ਲੇਖਕ ਹਾਜ਼ਰ ਰਹੇ।
ਫੇਜ਼ 3 ਏ ਵਿੱਚ ਖਾਲੀ ਥਾਂ ਤੇ ਸੁੱਟਿਆ ਜਾ ਰਿਹਾ ਹੈ ਮਲਬਾ : ਰਾਜਾ ਮੁਹਾਲੀ
ਐਸ ਏ ਐਸ ਨਗਰ, 24 ਮਾਰਚ (ਪੈਗਾਮ-ਏ-ਜਗਤ)
ਸਮਾਜਸੇਵੀ ਆਗੂ ਰਾਜਾ ਮੁਹਾਲੀ ਨੇ ਇਲਜ਼ਾਮ ਲਗਾਇਆ ਹੈ ਕਿ ਨਗਰ ਨਿਗਮ ਦੇ ਅਧਿਕਾਰੀਆਂ ਦੀ ਮਿਲੀਭੁਗਤ ਨਾਲ ਫੇਜ਼ 3 ਏ ਵਿੱਚ ਕਾਲਾ ਟੋਲ ਦੇ ਨੇੜੇ ਖਾਲੀ ਪਏ ਥਾਂ ਤੇ ਮਲਬਾ ਸੁੱਟਿਆ ਜਾ ਰਿਹਾ ਹੈ।
ਸੁੱਟਿਆ ਜਾ ਰਿਹਾ ਸੀ, ਪਰ ਹੁਣ ਪਿਛਲੇ ਕੁਝ ਸਮੇਂ ਤੋਂ ਕੁਝ ਲੋਕਾਂ ਵੱਲੋਂ ਇਸ ਥਾਂ ਤੇ ਮਲਬਾ ਅਤੇ ਕੂੜਾ ਸੁੱਟ ਕੇ ਗੰਦਗੀ ਫੈਲਾਈ ਜਾ ਰਹੀ ਹੈ।
ਉਹਨਾਂ ਕਿਹਾ ਕਿ ਜੇਕਰ ਇਹ ਸਥਿਤੀ ਨਾ ਸੁਧਰੀ ਤਾਂ ਇਹ ਇਲਾਕਾ ਗੰਦਗੀ ਦਾ ਢੇਰ ਬਣ ਜਾਵੇਗਾ। ਉਹਨਾਂ ਨਗਰ ਨਿਗਮ ਦੇ ਕਮਿਸ਼ਨਰ ਤੋਂ ਮੰਗ ਕੀਤੀ ਕਿ ਦੋਸ਼ੀਆਂ ਖ਼ਿਲਾਫ਼ ਕਾਰਵਾਈ ਕੀਤੀ ਜਾਵੇ।
